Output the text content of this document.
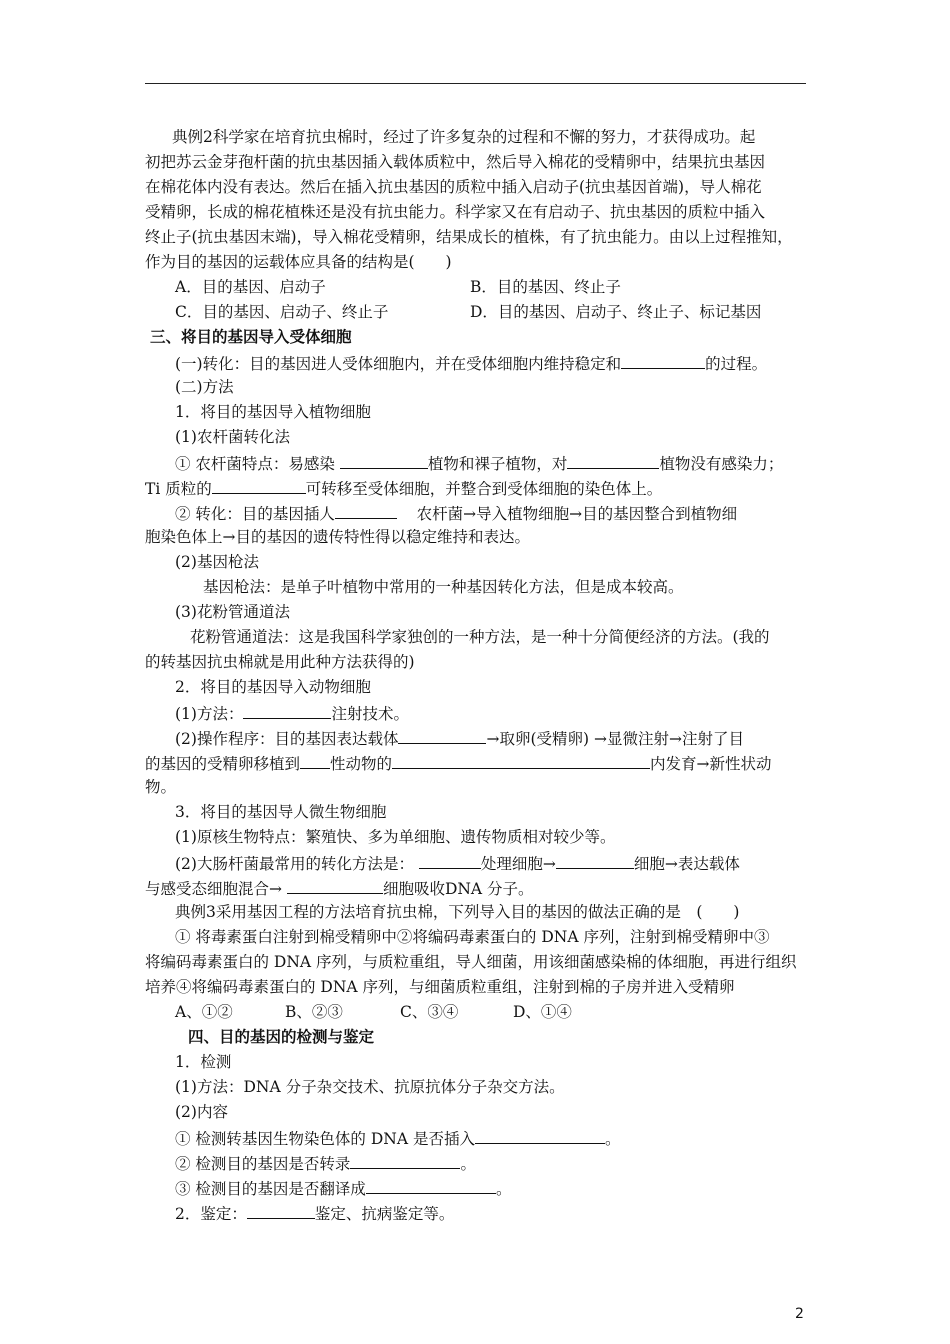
典例2科学家在培育抗虫棉时，经过了许多复杂的过程和不懈的努力，才获得成功。起
初把苏云金芽孢杆菌的抗虫基因插入载体质粒中，然后导入棉花的受精卵中，结果抗虫基因
在棉花体内没有表达。然后在插入抗虫基因的质粒中插入启动子(抗虫基因首端)，导人棉花
受精卵，长成的棉花植株还是没有抗虫能力。科学家又在有启动子、抗虫基因的质粒中插入
终止子(抗虫基因末端)，导入棉花受精卵，结果成长的植株，有了抗虫能力。由以上过程推知，
作为目的基因的运载体应具备的结构是(　　)
A．目的基因、启动子	B．目的基因、终止子
C．目的基因、启动子、终止子	D．目的基因、启动子、终止子、标记基因
三、将目的基因导入受体细胞
(一)转化：目的基因进人受体细胞内，并在受体细胞内维持稳定和	的过程。
(二)方法
1．将目的基因导入植物细胞
(1)农杆菌转化法
① 农杆菌特点：易感染	植物和裸子植物，对	植物没有感染力；
Ti 质粒的	可转移至受体细胞，并整合到受体细胞的染色体上。
② 转化：目的基因插人  	农杆菌→导入植物细胞→目的基因整合到植物细
胞染色体上→目的基因的遗传特性得以稳定维持和表达。
(2)基因枪法
基因枪法：是单子叶植物中常用的一种基因转化方法，但是成本较高。
(3)花粉管通道法
花粉管通道法：这是我国科学家独创的一种方法，是一种十分简便经济的方法。(我的
的转基因抗虫棉就是用此种方法获得的)
2．将目的基因导入动物细胞
(1)方法：	注射技术。
(2)操作程序：目的基因表达载体	→取卵(受精卵) →显微注射→注射了目
的基因的受精卵移植到 性动物的	内发育→新性状动
物。
3．将目的基因导人微生物细胞
(1)原核生物特点：繁殖快、多为单细胞、遗传物质相对较少等。
(2)大肠杆菌最常用的转化方法是：	处理细胞→	细胞→表达载体
与感受态细胞混合→	细胞吸收DNA 分子。
典例3采用基因工程的方法培育抗虫棉，下列导入目的基因的做法正确的是　(　　)
① 将毒素蛋白注射到棉受精卵中②将编码毒素蛋白的 DNA 序列，注射到棉受精卵中③
将编码毒素蛋白的 DNA 序列，与质粒重组，导人细菌，用该细菌感染棉的体细胞，再进行组织
培养④将编码毒素蛋白的 DNA 序列，与细菌质粒重组，注射到棉的子房并进入受精卵
A、①②	B、②③	C、③④	D、①④
四、目的基因的检测与鉴定
1．检测
(1)方法：DNA 分子杂交技术、抗原抗体分子杂交方法。
(2)内容
① 检测转基因生物染色体的 DNA 是否插入	。
② 检测目的基因是否转录	。
③ 检测目的基因是否翻译成	。
2．鉴定：	鉴定、抗病鉴定等。
2
